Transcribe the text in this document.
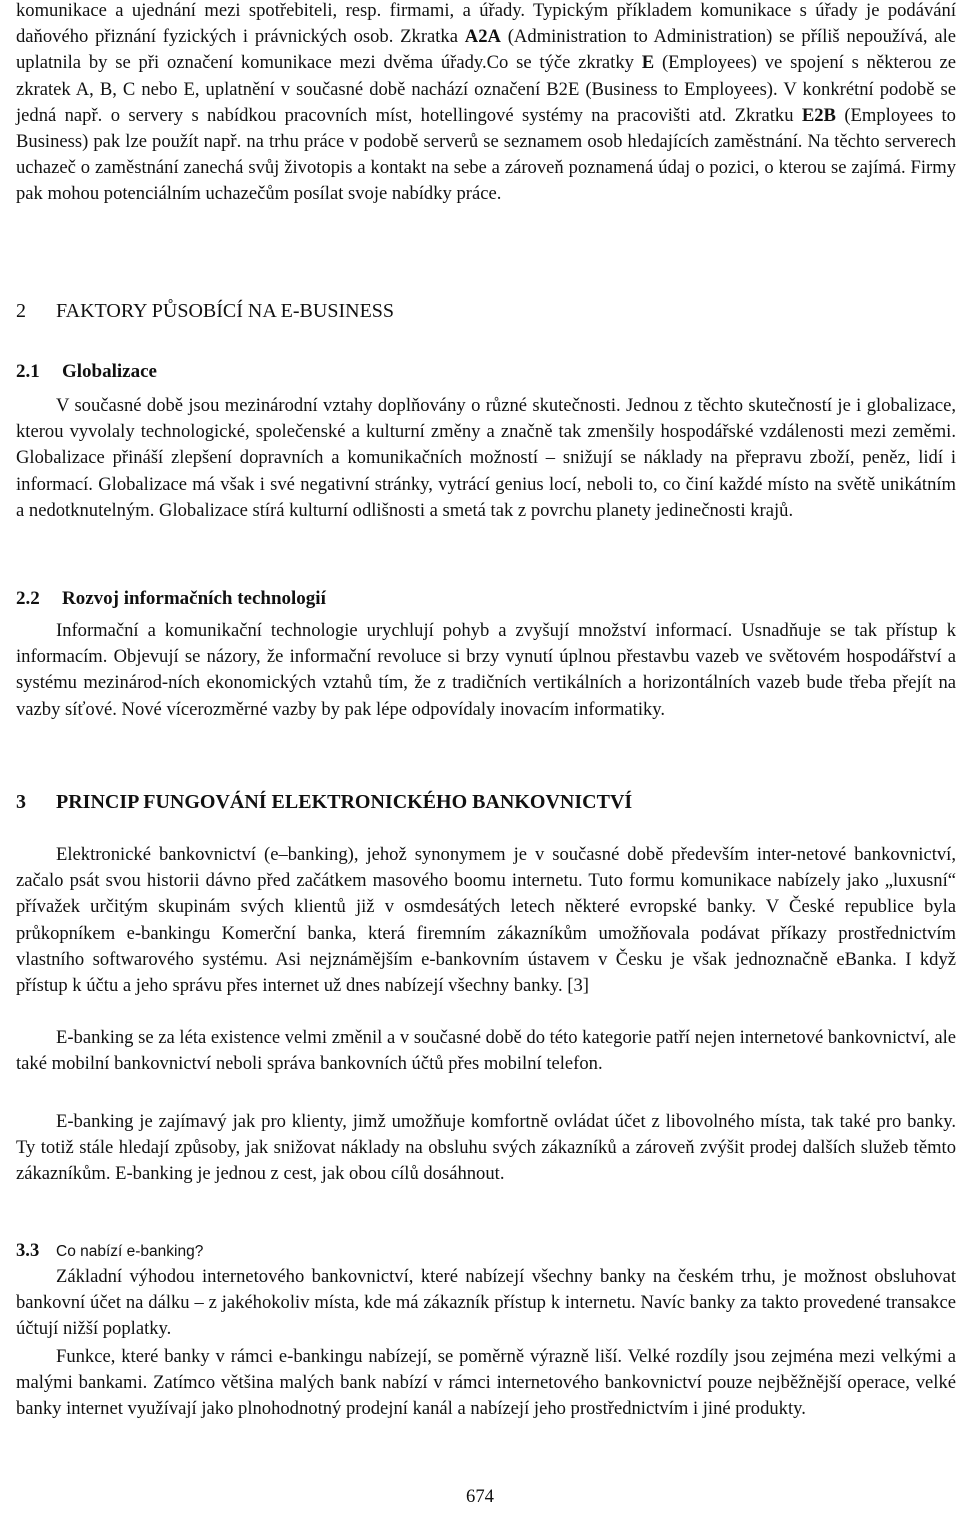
komunikace a ujednání mezi spotřebiteli, resp. firmami, a úřady. Typickým příkladem komunikace s úřady je podávání daňového přiznání fyzických i právnických osob. Zkratka A2A (Administration to Administration) se příliš nepoužívá, ale uplatnila by se při označení komunikace mezi dvěma úřady.Co se týče zkratky E (Employees) ve spojení s některou ze zkratek A, B, C nebo E, uplatnění v současné době nachází označení B2E (Business to Employees). V konkrétní podobě se jedná např. o servery s nabídkou pracovních míst, hotellingové systémy na pracovišti atd. Zkratku E2B (Employees to Business) pak lze použít např. na trhu práce v podobě serverů se seznamem osob hledajících zaměstnání. Na těchto serverech uchazeč o zaměstnání zanechá svůj životopis a kontakt na sebe a zároveň poznamená údaj o pozici, o kterou se zajímá. Firmy pak mohou potenciálním uchazečům posílat svoje nabídky práce.

2 FAKTORY PŮSOBÍCÍ NA E-BUSINESS
2.1 Globalizace

V současné době jsou mezinárodní vztahy doplňovány o různé skutečnosti. Jednou z těchto skutečností je i globalizace, kterou vyvolaly technologické, společenské a kulturní změny a značně tak zmenšily hospodářské vzdálenosti mezi zeměmi. Globalizace přináší zlepšení dopravních a komunikačních možností – snižují se náklady na přepravu zboží, peněz, lidí i informací. Globalizace má však i své negativní stránky, vytrácí genius locí, neboli to, co činí každé místo na světě unikátním a nedotknutelným. Globalizace stírá kulturní odlišnosti a smetá tak z povrchu planety jedinečnosti krajů.

2.2 Rozvoj informačních technologií

Informační a komunikační technologie urychlují pohyb a zvyšují množství informací. Usnadňuje se tak přístup k informacím. Objevují se názory, že informační revoluce si brzy vynutí úplnou přestavbu vazeb ve světovém hospodářství a systému mezinárod-ních ekonomických vztahů tím, že z tradičních vertikálních a horizontálních vazeb bude třeba přejít na vazby síťové. Nové vícerozměrné vazby by pak lépe odpovídaly inovacím informatiky.

3 PRINCIP FUNGOVÁNÍ ELEKTRONICKÉHO BANKOVNICTVÍ

Elektronické bankovnictví (e–banking), jehož synonymem je v současné době především inter-netové bankovnictví, začalo psát svou historii dávno před začátkem masového boomu internetu. Tuto formu komunikace nabízely jako „luxusní“ přívažek určitým skupinám svých klientů již v osmdesátých letech některé evropské banky. V České republice byla průkopníkem e-bankingu Komerční banka, která firemním zákazníkům umožňovala podávat příkazy prostřednictvím vlastního softwarového systému. Asi nejznámějším e-bankovním ústavem v Česku je však jednoznačně eBanka. I když přístup k účtu a jeho správu přes internet už dnes nabízejí všechny banky. [3]

E-banking se za léta existence velmi změnil a v současné době do této kategorie patří nejen internetové bankovnictví, ale také mobilní bankovnictví neboli správa bankovních účtů přes mobilní telefon.

E-banking je zajímavý jak pro klienty, jimž umožňuje komfortně ovládat účet z libovolného místa, tak také pro banky. Ty totiž stále hledají způsoby, jak snižovat náklady na obsluhu svých zákazníků a zároveň zvýšit prodej dalších služeb těmto zákazníkům. E-banking je jednou z cest, jak obou cílů dosáhnout.

3.3 Co nabízí e-banking?

Základní výhodou internetového bankovnictví, které nabízejí všechny banky na českém trhu, je možnost obsluhovat bankovní účet na dálku – z jakéhokoliv místa, kde má zákazník přístup k internetu. Navíc banky za takto provedené transakce účtují nižší poplatky.

Funkce, které banky v rámci e-bankingu nabízejí, se poměrně výrazně liší. Velké rozdíly jsou zejména mezi velkými a malými bankami. Zatímco většina malých bank nabízí v rámci internetového bankovnictví pouze nejběžnější operace, velké banky internet využívají jako plnohodnotný prodejní kanál a nabízejí jeho prostřednictvím i jiné produkty.

674
